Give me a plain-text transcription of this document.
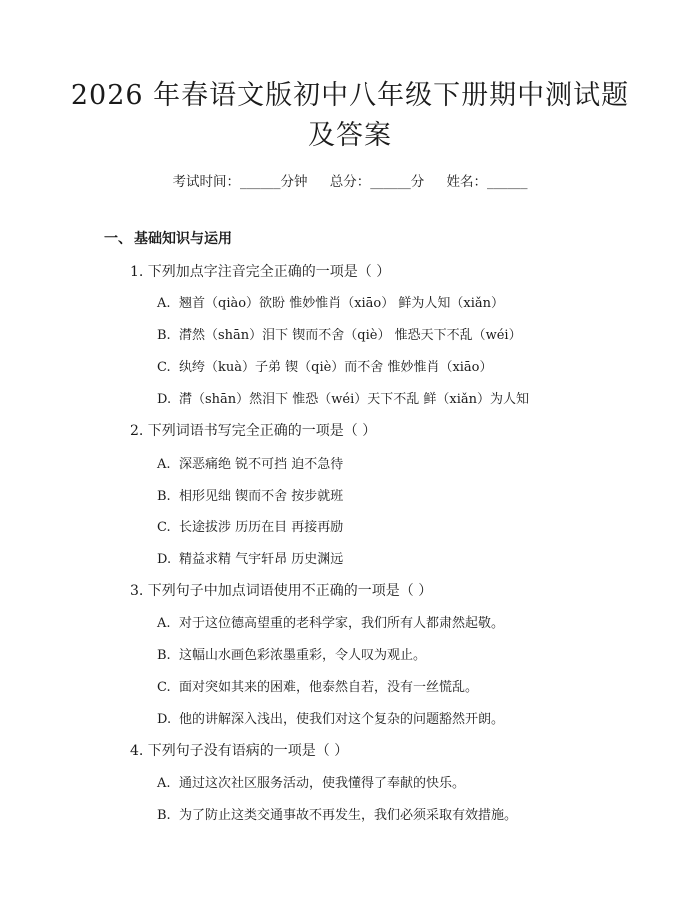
2026 年春语文版初中八年级下册期中测试题
及答案
考试时间：______分钟 总分：______分 姓名：______
一、 基础知识与运用
1. 下列加点字注音完全正确的一项是（ ）
A. 翘首（qiào）欲盼 惟妙惟肖（xiāo） 鲜为人知（xiǎn）
B. 潸然（shān）泪下 锲而不舍（qiè） 惟恐天下不乱（wéi）
C. 纨绔（kuà）子弟 锲（qiè）而不舍 惟妙惟肖（xiāo）
D. 潸（shān）然泪下 惟恐（wéi）天下不乱 鲜（xiǎn）为人知
2. 下列词语书写完全正确的一项是（ ）
A. 深恶痛绝 锐不可挡 迫不急待
B. 相形见绌 锲而不舍 按步就班
C. 长途拔涉 历历在目 再接再励
D. 精益求精 气宇轩昂 历史渊远
3. 下列句子中加点词语使用不正确的一项是（ ）
A. 对于这位德高望重的老科学家，我们所有人都肃然起敬。
B. 这幅山水画色彩浓墨重彩，令人叹为观止。
C. 面对突如其来的困难，他泰然自若，没有一丝慌乱。
D. 他的讲解深入浅出，使我们对这个复杂的问题豁然开朗。
4. 下列句子没有语病的一项是（ ）
A. 通过这次社区服务活动，使我懂得了奉献的快乐。
B. 为了防止这类交通事故不再发生，我们必须采取有效措施。
